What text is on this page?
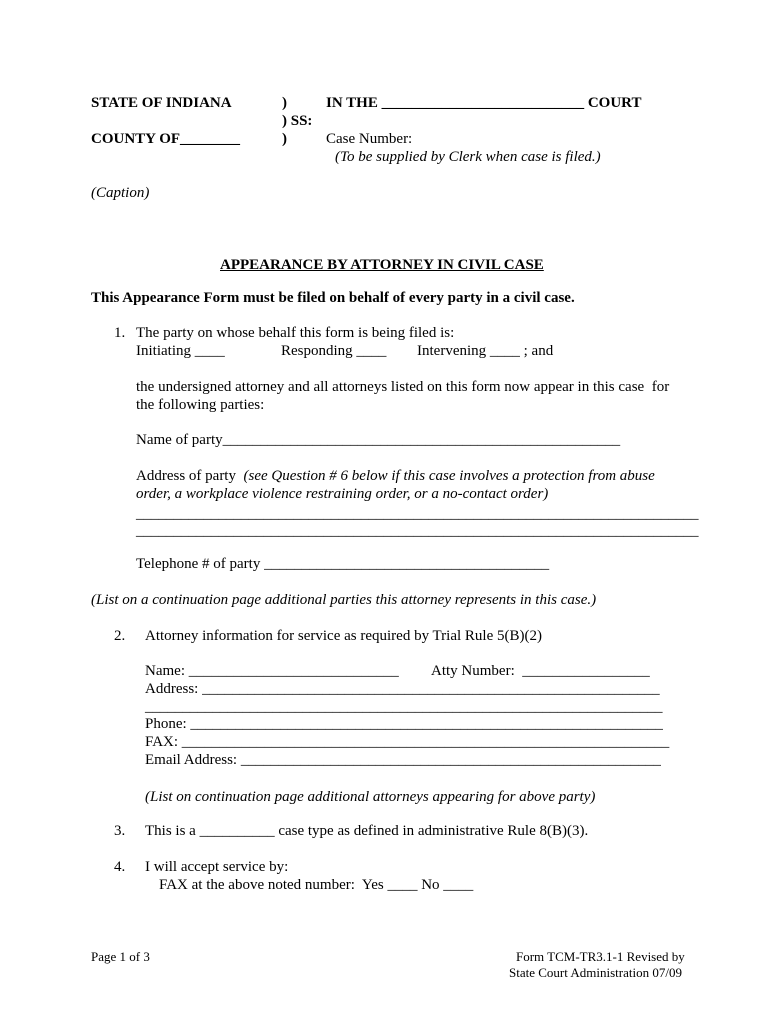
STATE OF INDIANA
COUNTY OF________
)
) SS:
)
IN THE ___________________________ COURT
Case Number:
(To be supplied by Clerk when case is filed.)
(Caption)
APPEARANCE BY ATTORNEY IN CIVIL CASE
This Appearance Form must be filed on behalf of every party in a civil case.
1. The party on whose behalf this form is being filed is:
Initiating ____	Responding ____ Intervening ____ ; and
the undersigned attorney and all attorneys listed on this form now appear in this case  for
the following parties:
Name of party_____________________________________________________
Address of party  (see Question # 6 below if this case involves a protection from abuse
order, a workplace violence restraining order, or a no-contact order)
___________________________________________________________________________
___________________________________________________________________________
Telephone # of party ______________________________________
(List on a continuation page additional parties this attorney represents in this case.)
2. Attorney information for service as required by Trial Rule 5(B)(2)
Name: ____________________________ Atty Number:  _________________
Address: _____________________________________________________________
_____________________________________________________________________
Phone: _______________________________________________________________
FAX: _________________________________________________________________
Email Address: ________________________________________________________
(List on continuation page additional attorneys appearing for above party)
3. This is a __________ case type as defined in administrative Rule 8(B)(3).
4. I will accept service by:
FAX at the above noted number:  Yes ____ No ____
Page 1 of 3	Form TCM-TR3.1-1 Revised by
State Court Administration 07/09
